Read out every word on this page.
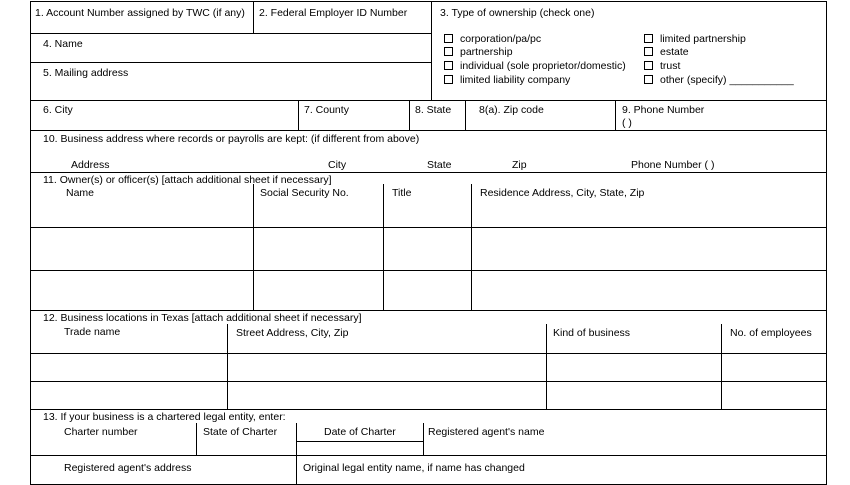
1. Account Number assigned by TWC (if any) 2. Federal Employer ID Number	3. Type of ownership (check one)
4. Name
5. Mailing address
corporation/pa/pc
partnership
individual (sole proprietor/domestic)
limited liability company
limited partnership
estate
trust
other (specify) ___________
6. City	7. County	8. State	8(a). Zip code	9. Phone Number
( )
10. Business address where records or payrolls are kept: (if different from above)
Address	City	State	Zip	Phone Number ( )
11. Owner(s) or officer(s) [attach additional sheet if necessary]
Name	Social Security No.	Title	Residence Address, City, State, Zip
12. Business locations in Texas [attach additional sheet if necessary]
Trade name	Street Address, City, Zip	Kind of business	No. of employees
13. If your business is a chartered legal entity, enter:
Charter number	State of Charter	Date of Charter	Registered agent's name
Registered agent's address	Original legal entity name, if name has changed
